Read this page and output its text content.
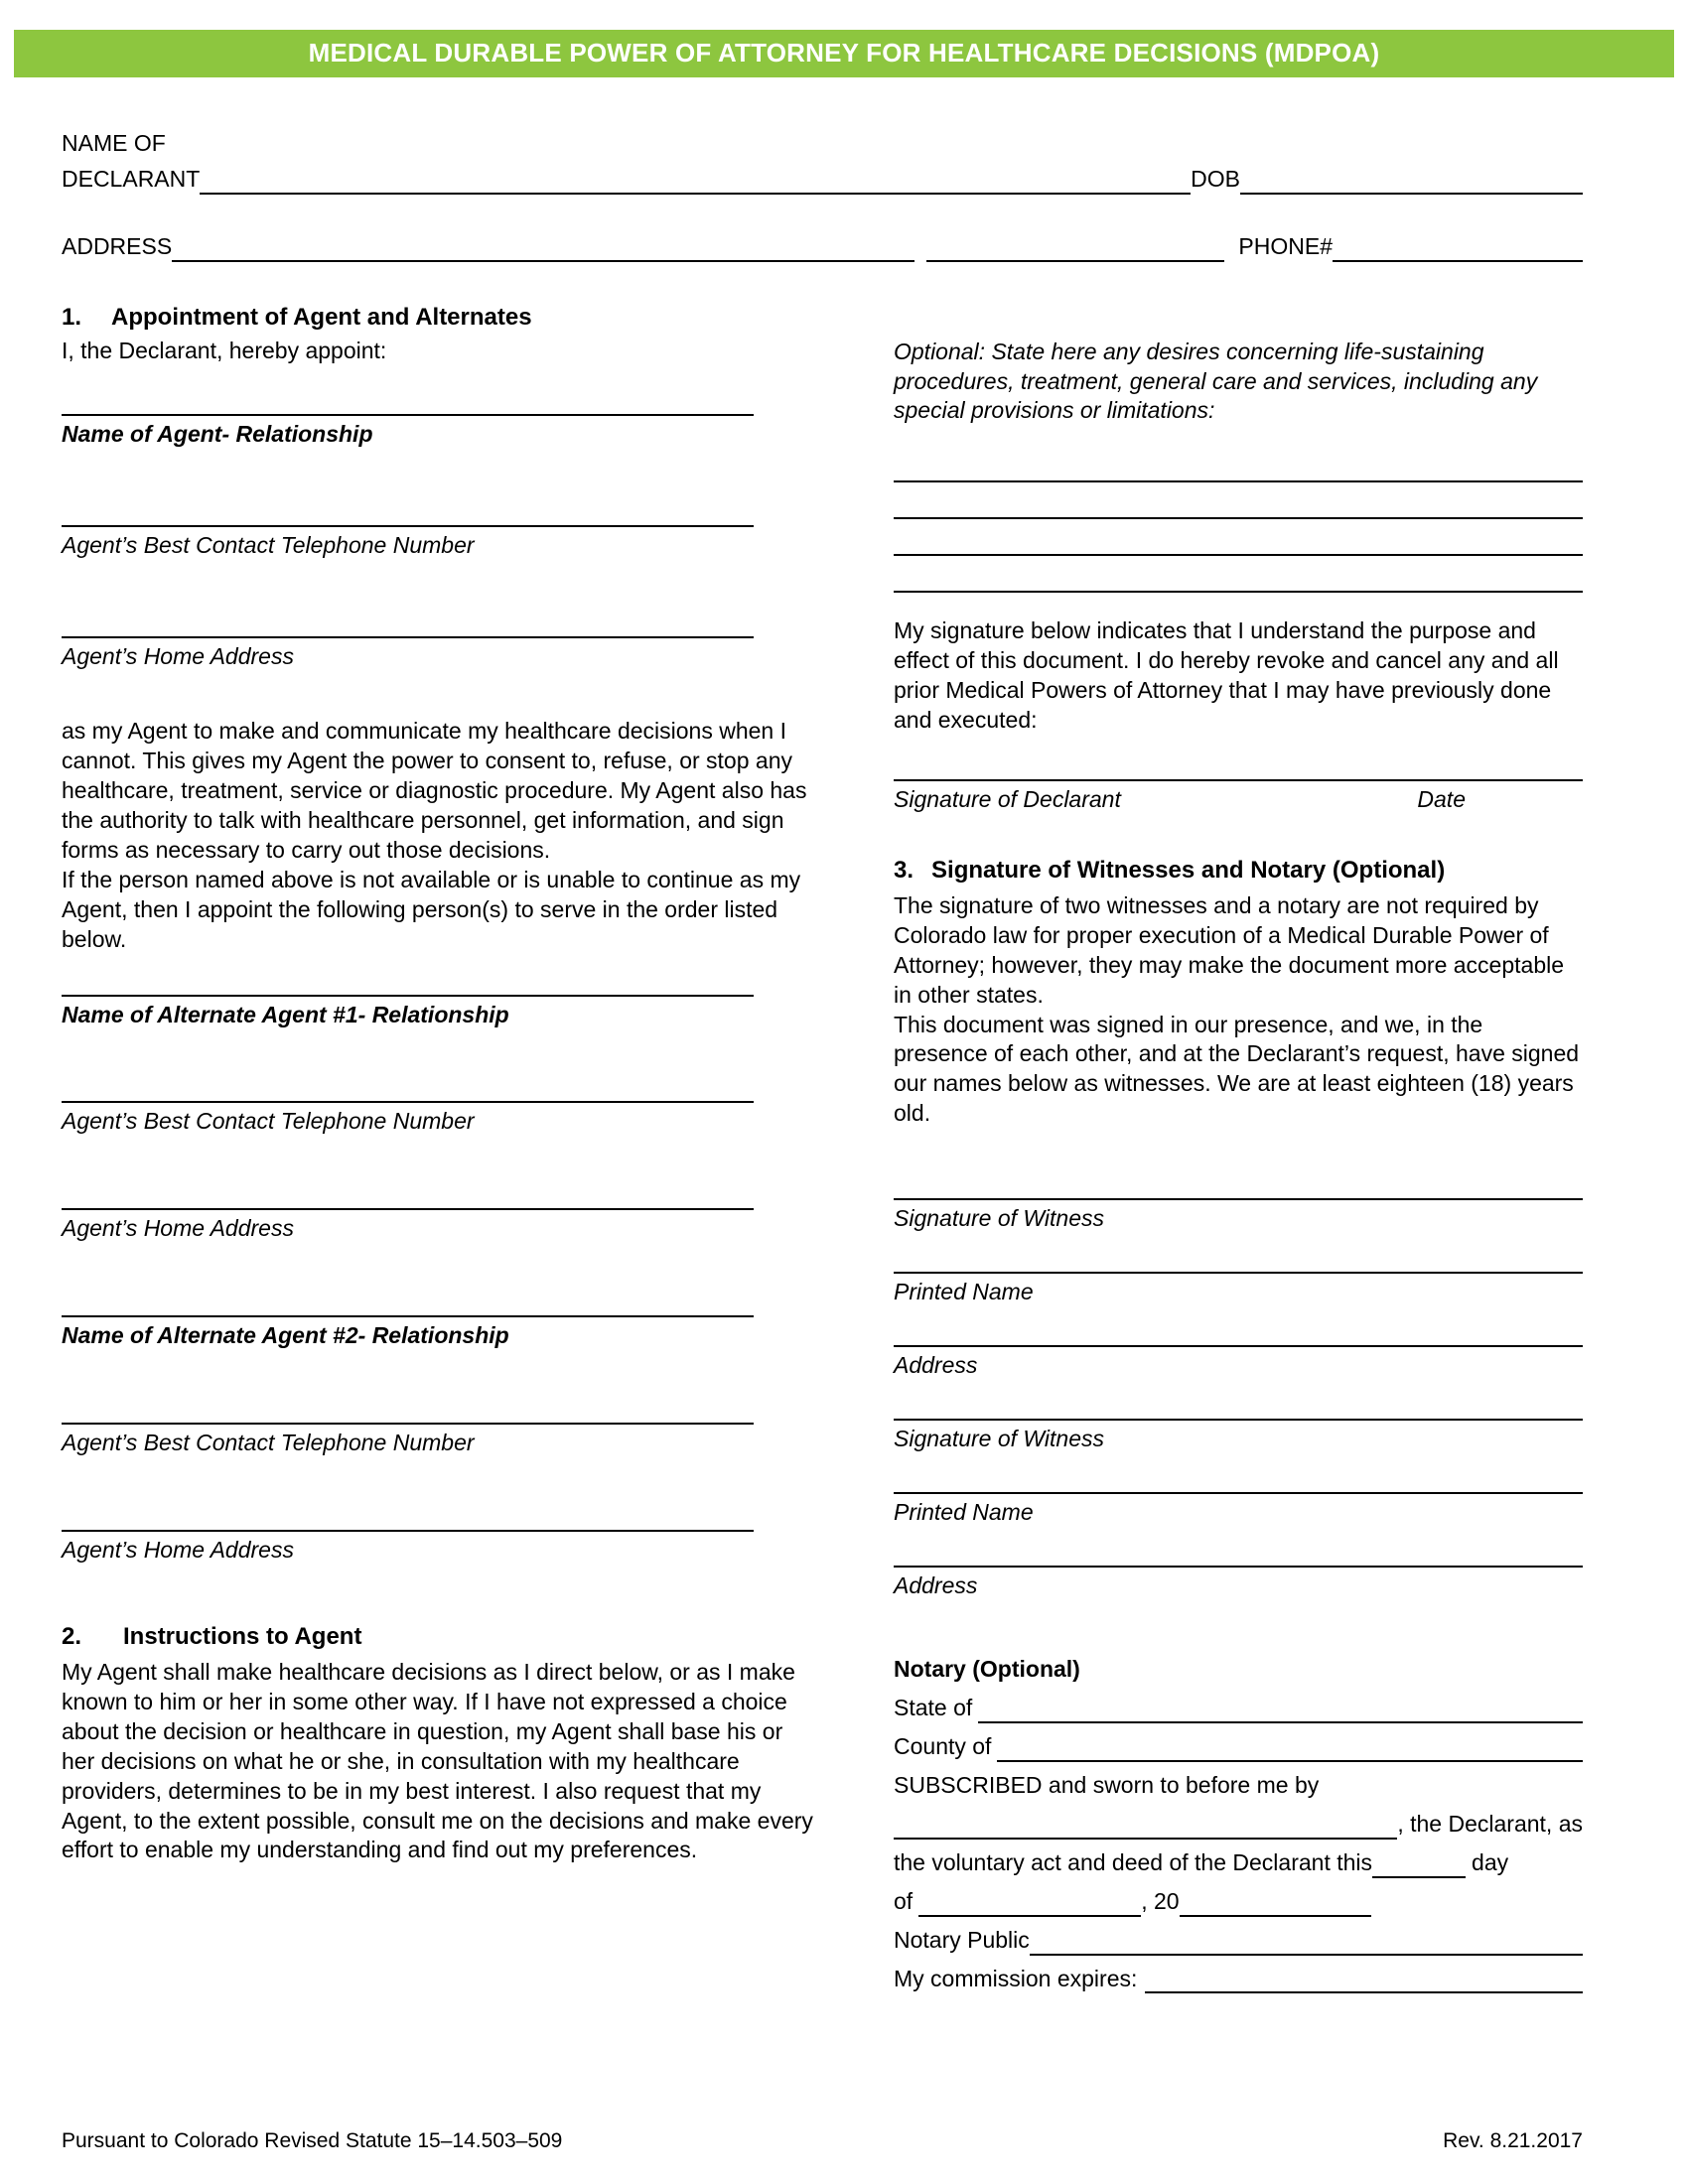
MEDICAL DURABLE POWER OF ATTORNEY FOR HEALTHCARE DECISIONS (MDPOA)
NAME OF
DECLARANT	DOB
ADDRESS	PHONE#
1. Appointment of Agent and Alternates

I, the Declarant, hereby appoint:

Name of Agent- Relationship
Agent’s Best Contact Telephone Number
Agent’s Home Address

as my Agent to make and communicate my healthcare decisions when I cannot. This gives my Agent the power to consent to, refuse, or stop any healthcare, treatment, service or diagnostic procedure. My Agent also has the authority to talk with healthcare personnel, get information, and sign forms as necessary to carry out those decisions.

If the person named above is not available or is unable to continue as my Agent, then I appoint the following person(s) to serve in the order listed below.

Name of Alternate Agent #1- Relationship
Agent’s Best Contact Telephone Number
Agent’s Home Address
Name of Alternate Agent #2- Relationship
Agent’s Best Contact Telephone Number
Agent’s Home Address
2. Instructions to Agent

My Agent shall make healthcare decisions as I direct below, or as I make known to him or her in some other way. If I have not expressed a choice about the decision or healthcare in question, my Agent shall base his or her decisions on what he or she, in consultation with my healthcare providers, determines to be in my best interest. I also request that my Agent, to the extent possible, consult me on the decisions and make every effort to enable my understanding and find out my preferences.

Optional: State here any desires concerning life-sustaining procedures, treatment, general care and services, including any special provisions or limitations:

My signature below indicates that I understand the purpose and effect of this document. I do hereby revoke and cancel any and all prior Medical Powers of Attorney that I may have previously done and executed:

Signature of Declarant	Date
3. Signature of Witnesses and Notary (Optional)

The signature of two witnesses and a notary are not required by Colorado law for proper execution of a Medical Durable Power of Attorney; however, they may make the document more acceptable in other states.

This document was signed in our presence, and we, in the presence of each other, and at the Declarant’s request, have signed our names below as witnesses. We are at least eighteen (18) years old.

Signature of Witness
Printed Name
Address
Signature of Witness
Printed Name
Address
Notary (Optional)
State of
County of
SUBSCRIBED and sworn to before me by
, the Declarant, as
the voluntary act and deed of the Declarant this	day
of	, 20
Notary Public
My commission expires:
Pursuant to Colorado Revised Statute 15–14.503–509	Rev. 8.21.2017
